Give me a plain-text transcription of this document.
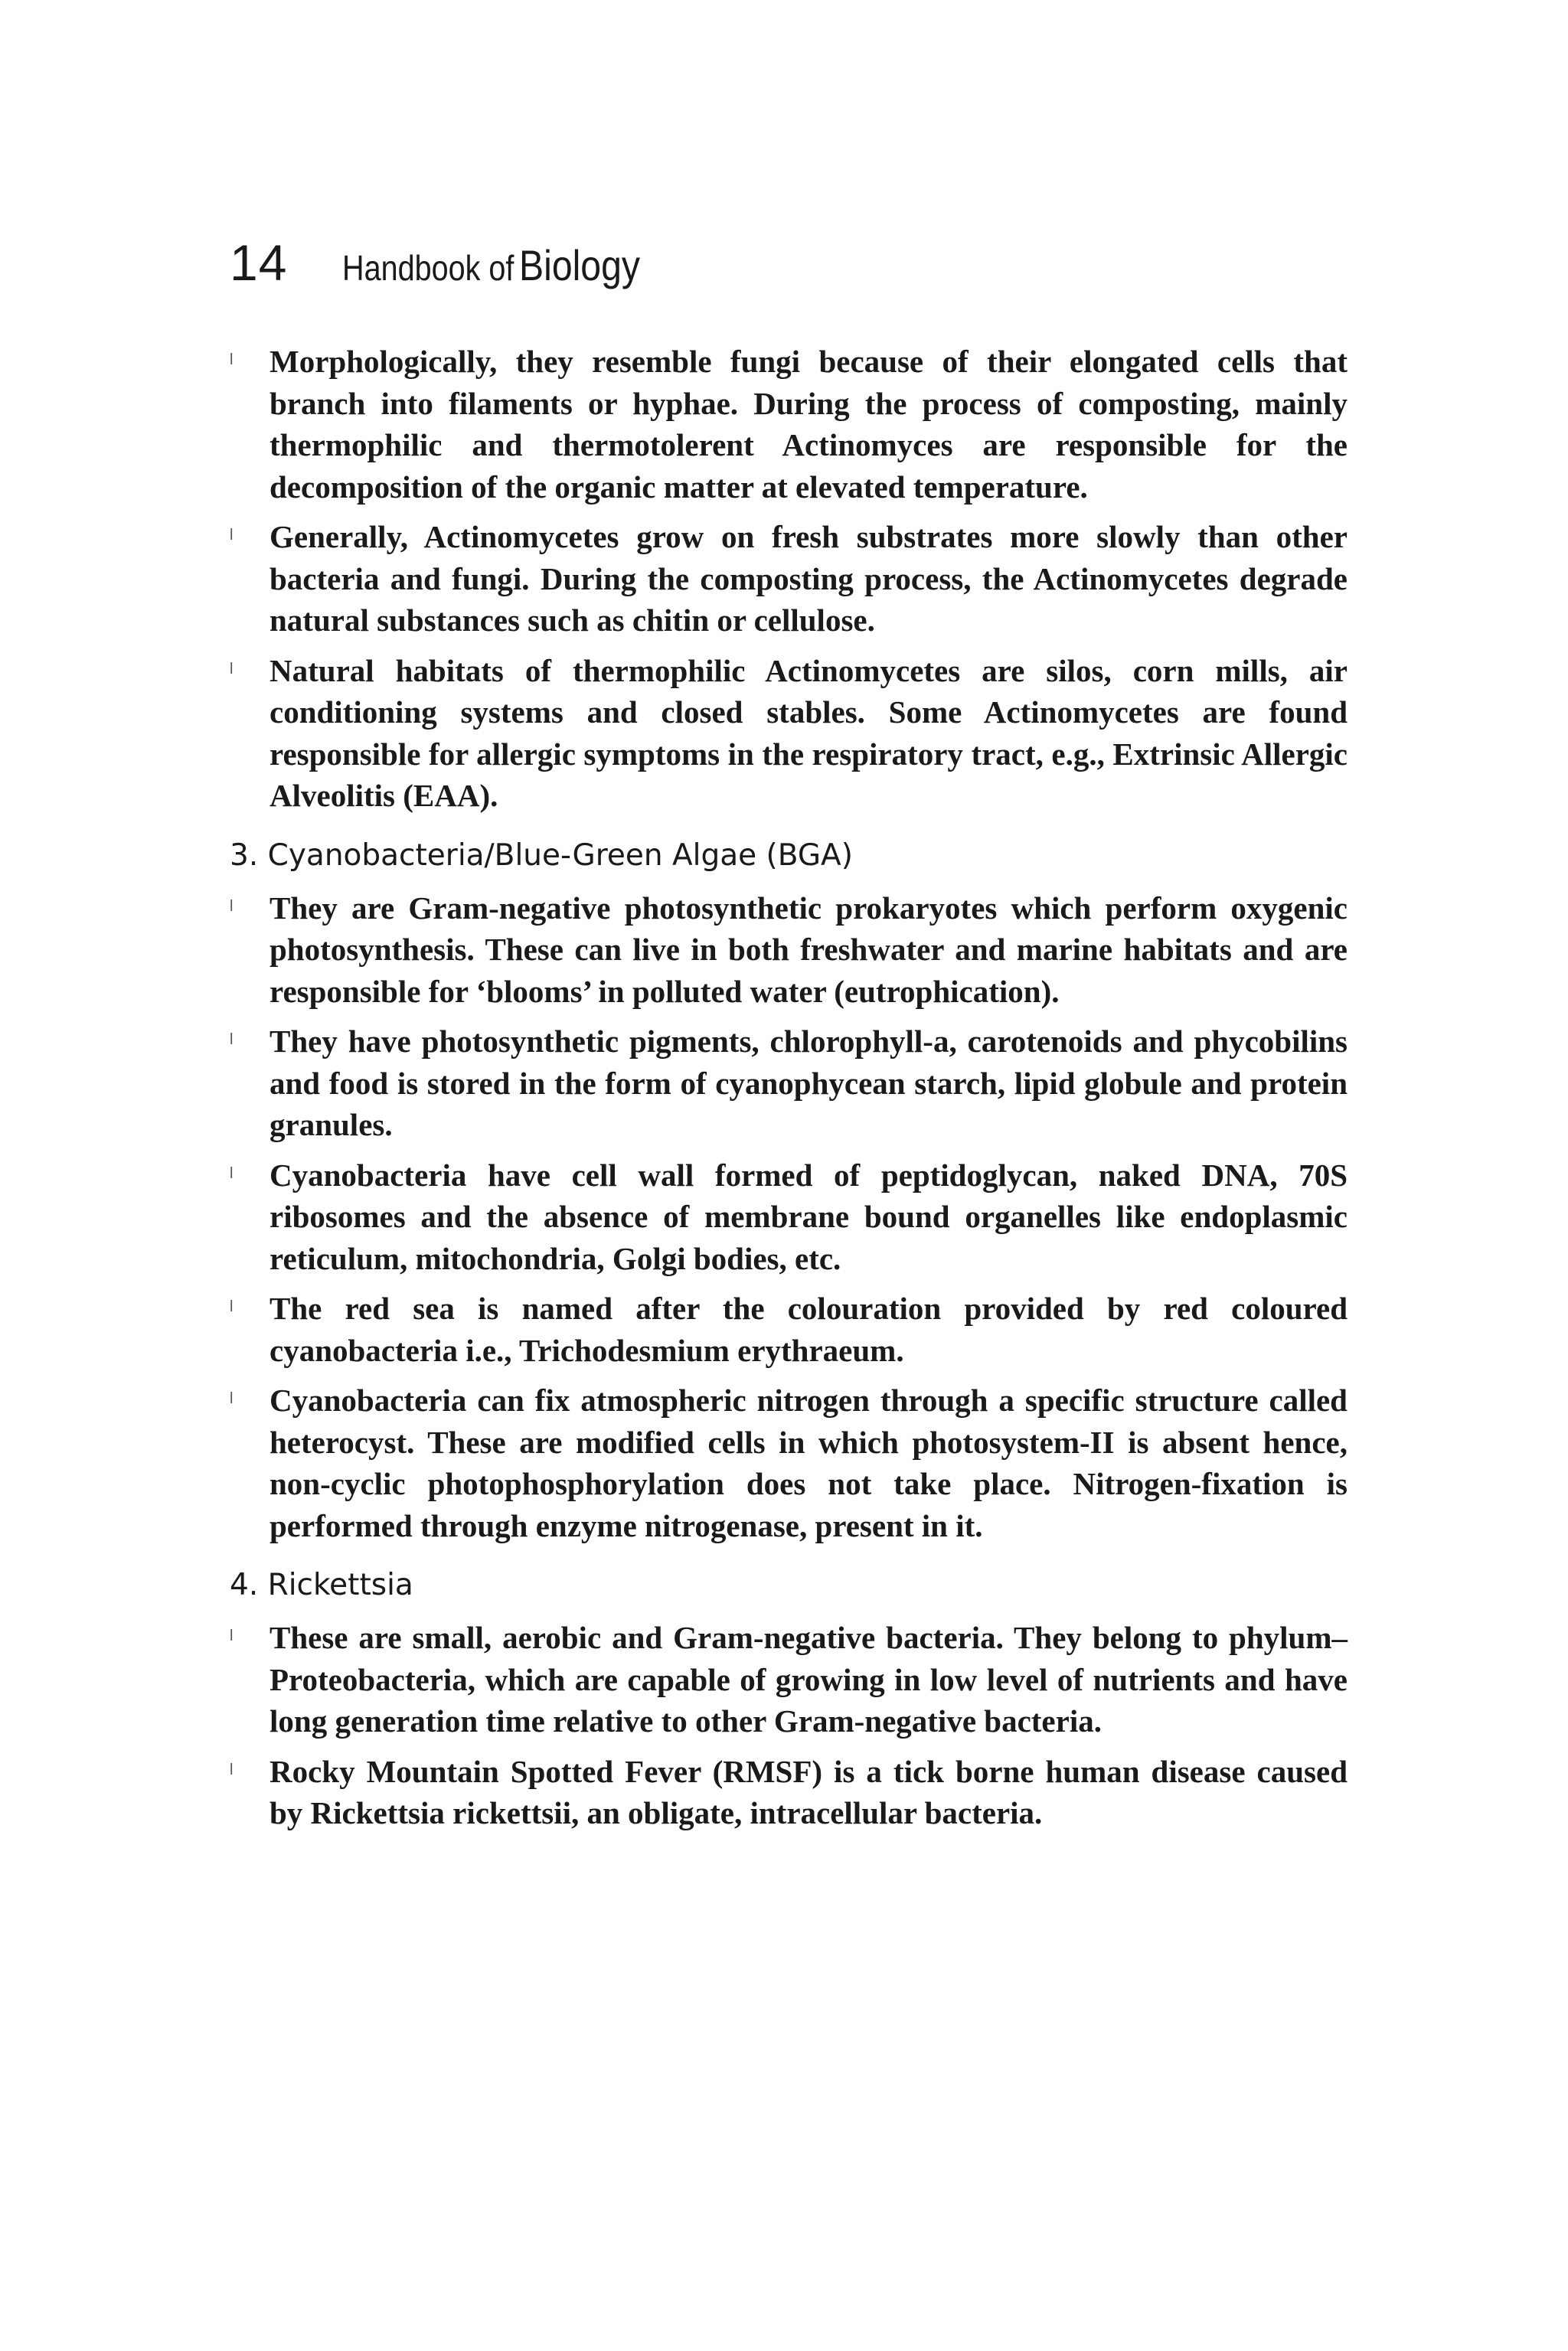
14 Handbook of Biology
l Morphologically, they resemble fungi because of their elongated cells that branch into filaments or hyphae. During the process of composting, mainly thermophilic and thermotolerent Actinomyces are responsible for the decomposition of the organic matter at elevated temperature.

l Generally, Actinomycetes grow on fresh substrates more slowly than other bacteria and fungi. During the composting process, the Actinomycetes degrade natural substances such as chitin or cellulose.

l Natural habitats of thermophilic Actinomycetes are silos, corn mills, air conditioning systems and closed stables. Some Actinomycetes are found responsible for allergic symptoms in the respiratory tract, e.g., Extrinsic Allergic Alveolitis (EAA).

3. Cyanobacteria/Blue-Green Algae (BGA)
l They are Gram-negative photosynthetic prokaryotes which perform oxygenic photosynthesis. These can live in both freshwater and marine habitats and are responsible for ‘blooms’ in polluted water (eutrophication).

l They have photosynthetic pigments, chlorophyll-a, carotenoids and phycobilins and food is stored in the form of cyanophycean starch, lipid globule and protein granules.

l Cyanobacteria have cell wall formed of peptidoglycan, naked DNA, 70S ribosomes and the absence of membrane bound organelles like endoplasmic reticulum, mitochondria, Golgi bodies, etc.

l The red sea is named after the colouration provided by red coloured cyanobacteria i.e., Trichodesmium erythraeum.

l Cyanobacteria can fix atmospheric nitrogen through a specific structure called heterocyst. These are modified cells in which photosystem-II is absent hence, non-cyclic photophosphorylation does not take place. Nitrogen-fixation is performed through enzyme nitrogenase, present in it.

4. Rickettsia
l These are small, aerobic and Gram-negative bacteria. They belong to phylum–Proteobacteria, which are capable of growing in low level of nutrients and have long generation time relative to other Gram-negative bacteria.

l Rocky Mountain Spotted Fever (RMSF) is a tick borne human disease caused by Rickettsia rickettsii, an obligate, intracellular bacteria.
